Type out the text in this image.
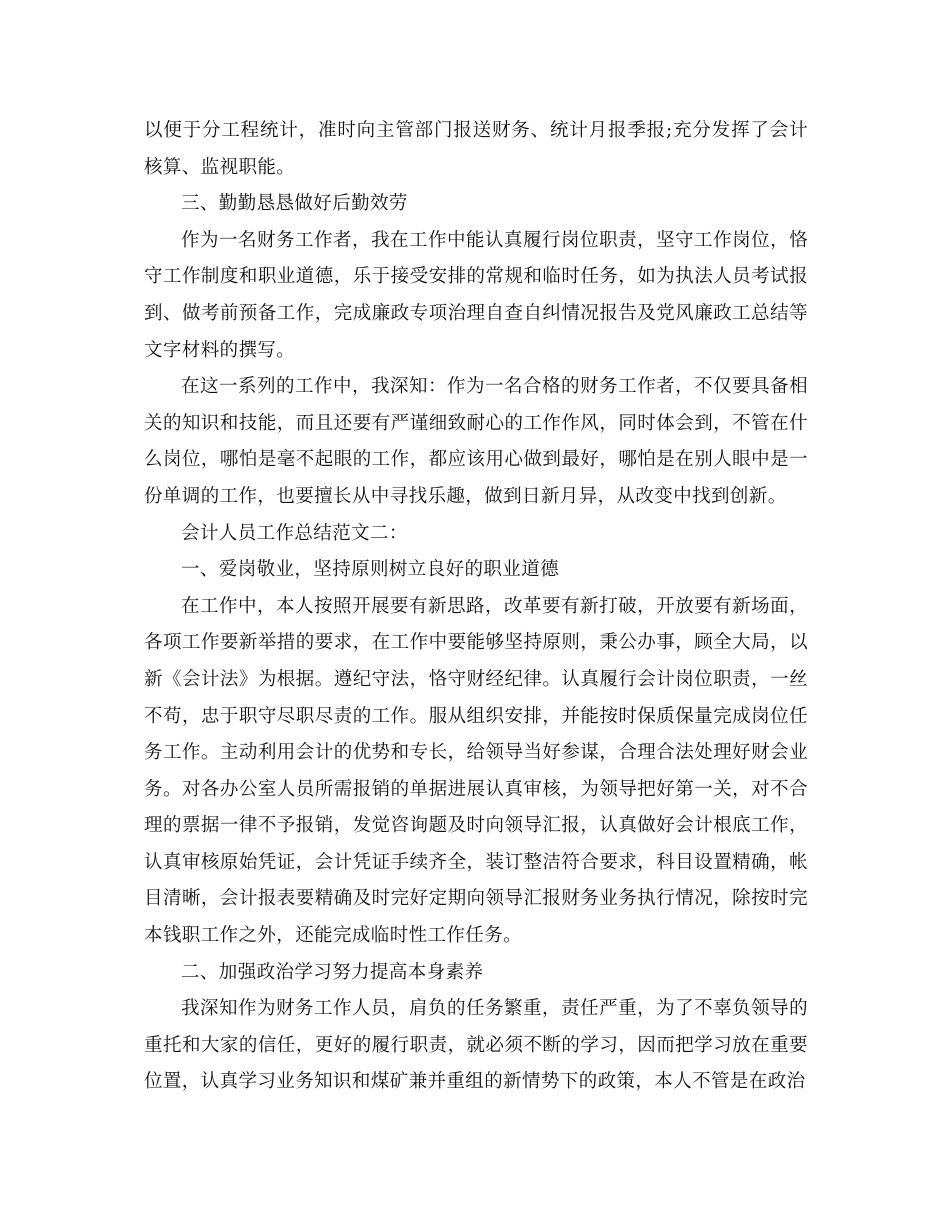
以便于分工程统计，准时向主管部门报送财务、统计月报季报;充分发挥了会计核算、监视职能。

三、勤勤恳恳做好后勤效劳

作为一名财务工作者，我在工作中能认真履行岗位职责，坚守工作岗位，恪守工作制度和职业道德，乐于接受安排的常规和临时任务，如为执法人员考试报到、做考前预备工作，完成廉政专项治理自查自纠情况报告及党风廉政工总结等文字材料的撰写。

在这一系列的工作中，我深知：作为一名合格的财务工作者，不仅要具备相关的知识和技能，而且还要有严谨细致耐心的工作作风，同时体会到，不管在什么岗位，哪怕是毫不起眼的工作，都应该用心做到最好，哪怕是在别人眼中是一份单调的工作，也要擅长从中寻找乐趣，做到日新月异，从改变中找到创新。

会计人员工作总结范文二：

一、爱岗敬业，坚持原则树立良好的职业道德

在工作中，本人按照开展要有新思路，改革要有新打破，开放要有新场面，各项工作要新举措的要求，在工作中要能够坚持原则，秉公办事，顾全大局，以新《会计法》为根据。遵纪守法，恪守财经纪律。认真履行会计岗位职责，一丝不苟，忠于职守尽职尽责的工作。服从组织安排，并能按时保质保量完成岗位任务工作。主动利用会计的优势和专长，给领导当好参谋，合理合法处理好财会业务。对各办公室人员所需报销的单据进展认真审核，为领导把好第一关，对不合理的票据一律不予报销，发觉咨询题及时向领导汇报，认真做好会计根底工作，认真审核原始凭证，会计凭证手续齐全，装订整洁符合要求，科目设置精确，帐目清晰，会计报表要精确及时完好定期向领导汇报财务业务执行情况，除按时完本钱职工作之外，还能完成临时性工作任务。

二、加强政治学习努力提高本身素养

我深知作为财务工作人员，肩负的任务繁重，责任严重，为了不辜负领导的重托和大家的信任，更好的履行职责，就必须不断的学习，因而把学习放在重要位置，认真学习业务知识和煤矿兼并重组的新情势下的政策，本人不管是在政治
